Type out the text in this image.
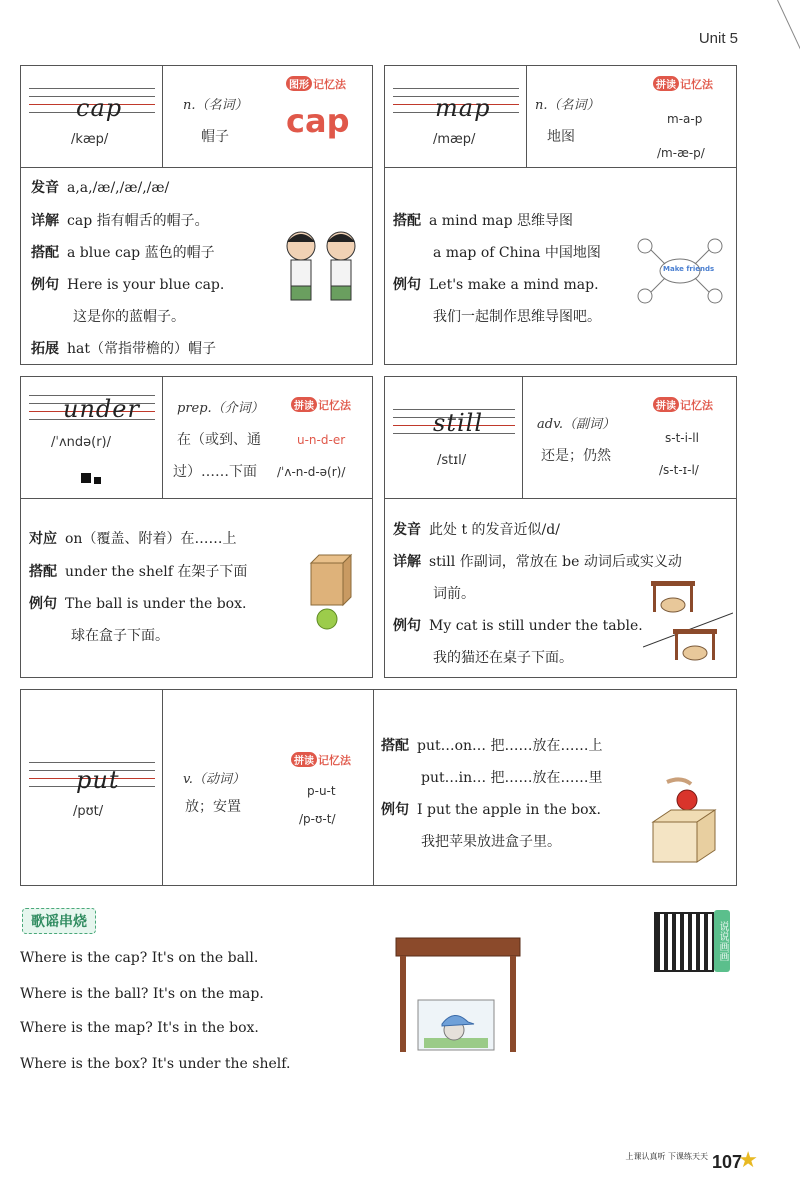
Unit 5
cap
/kæp/
n.（名词）
帽子
图形 记忆法
cap
发音 a,a,/æ/,/æ/,/æ/
详解 cap 指有帽舌的帽子。
搭配 a blue cap 蓝色的帽子
例句 Here is your blue cap.
这是你的蓝帽子。
拓展 hat（常指带檐的）帽子
map
/mæp/
n.（名词）
地图
拼读 记忆法
m-a-p
/m-æ-p/
搭配 a mind map 思维导图
a map of China 中国地图
例句 Let's make a mind map.
我们一起制作思维导图吧。
Make friends
under
/ˈʌndə(r)/
prep.（介词）
在（或到、通
过）……下面
拼读 记忆法
u-n-d-er
/ˈʌ-n-d-ə(r)/
对应 on（覆盖、附着）在……上
搭配 under the shelf 在架子下面
例句 The ball is under the box.
球在盒子下面。
still
/stɪl/
adv.（副词）
还是；仍然
拼读 记忆法
s-t-i-ll
/s-t-ɪ-l/
发音 此处 t 的发音近似/d/
详解 still 作副词，常放在 be 动词后或实义动
词前。
例句 My cat is still under the table.
我的猫还在桌子下面。
put
/pʊt/
v.（动词）
放；安置
拼读 记忆法
p-u-t
/p-ʊ-t/
搭配 put…on… 把……放在……上
put…in… 把……放在……里
例句 I put the apple in the box.
我把苹果放进盒子里。
歌谣串烧
Where is the cap? It's on the ball.
Where is the ball? It's on the map.
Where is the map? It's in the box.
Where is the box? It's under the shelf.
说说画画
上课认真听 下课练天天 107
★
